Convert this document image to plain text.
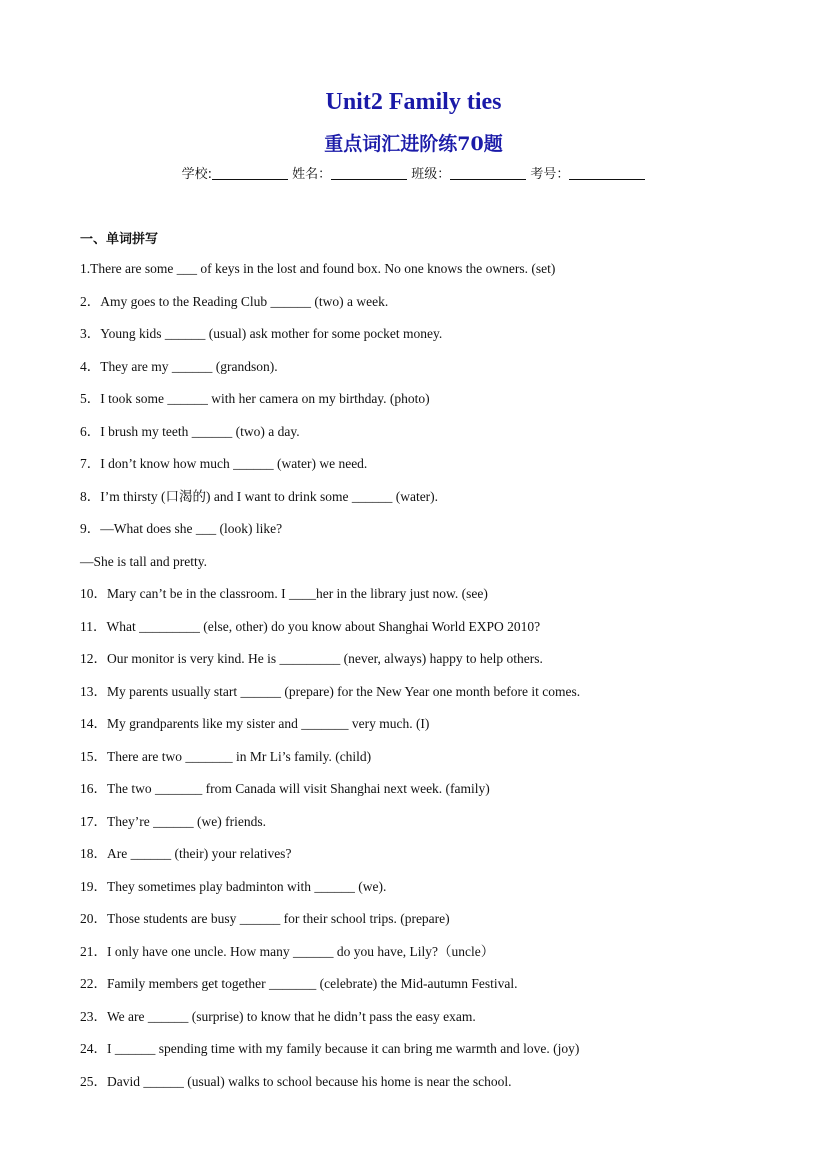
Unit2 Family ties
重点词汇进阶练70题
学校:	姓名：	班级：	考号：
一、单词拼写
1.There are some ___ of keys in the lost and found box. No one knows the owners. (set)
2．Amy goes to the Reading Club ______ (two) a week.
3．Young kids ______ (usual) ask mother for some pocket money.
4．They are my ______ (grandson).
5．I took some ______ with her camera on my birthday. (photo)
6．I brush my teeth ______ (two) a day.
7．I don’t know how much ______ (water) we need.
8．I’m thirsty (口渴的) and I want to drink some ______ (water).
9．—What does she ___ (look) like?
—She is tall and pretty.
10．Mary can’t be in the classroom. I ____her in the library just now. (see)
11．What _________ (else, other) do you know about Shanghai World EXPO 2010?
12．Our monitor is very kind. He is _________ (never, always) happy to help others.
13．My parents usually start ______ (prepare) for the New Year one month before it comes.
14．My grandparents like my sister and _______ very much. (I)
15．There are two _______ in Mr Li’s family. (child)
16．The two _______ from Canada will visit Shanghai next week. (family)
17．They’re ______ (we) friends.
18．Are ______ (their) your relatives?
19．They sometimes play badminton with ______ (we).
20．Those students are busy ______ for their school trips. (prepare)
21．I only have one uncle. How many ______ do you have, Lily?（uncle）
22．Family members get together _______ (celebrate) the Mid-autumn Festival.
23．We are ______ (surprise) to know that he didn’t pass the easy exam.
24．I ______ spending time with my family because it can bring me warmth and love. (joy)
25．David ______ (usual) walks to school because his home is near the school.
